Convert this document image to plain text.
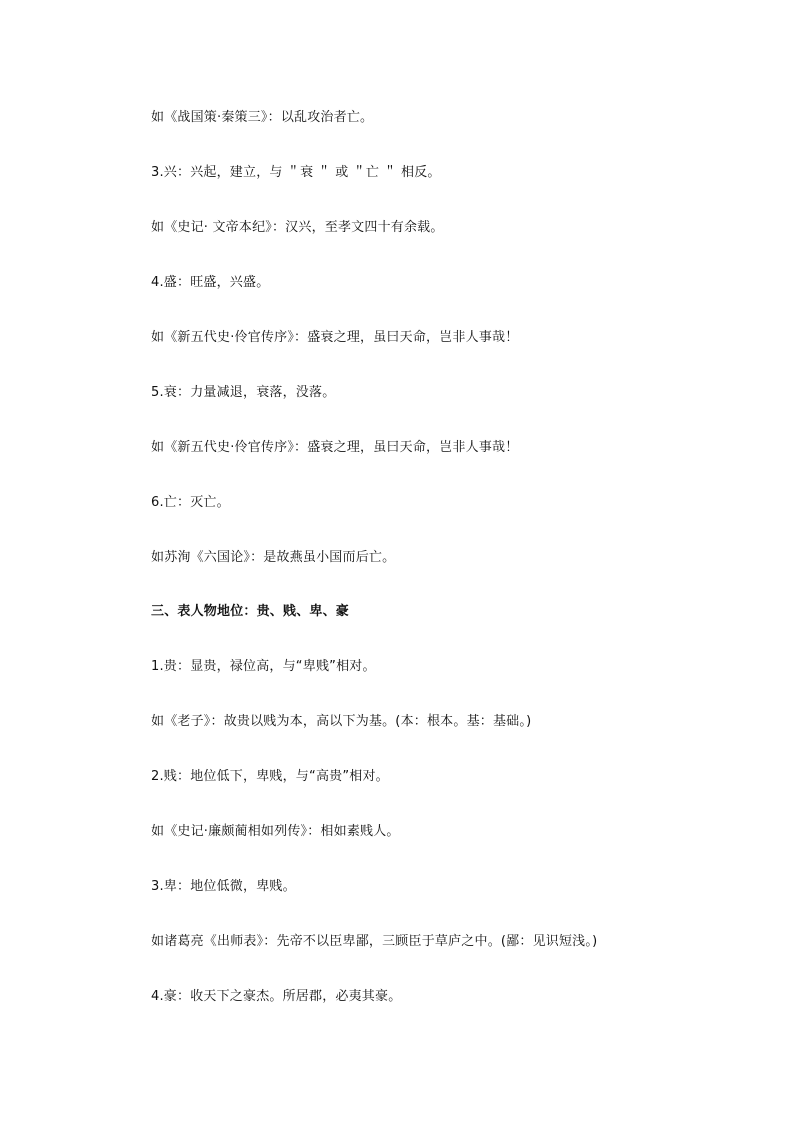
如《战国策·秦策三》：以乱攻治者亡。
3.兴：兴起，建立，与 ＂衰 ＂ 或 ＂亡 ＂ 相反。
如《史记· 文帝本纪》：汉兴，至孝文四十有余载。
4.盛：旺盛，兴盛。
如《新五代史·伶官传序》：盛衰之理，虽曰天命，岂非人事哉！
5.衰：力量减退，衰落，没落。
如《新五代史·伶官传序》：盛衰之理，虽曰天命，岂非人事哉！
6.亡：灭亡。
如苏洵《六国论》：是故燕虽小国而后亡。
三、表人物地位：贵、贱、卑、豪
1.贵：显贵，禄位高，与“卑贱”相对。
如《老子》：故贵以贱为本，高以下为基。(本：根本。基：基础。)
2.贱：地位低下，卑贱，与“高贵”相对。
如《史记·廉颇蔺相如列传》：相如素贱人。
3.卑：地位低微，卑贱。
如诸葛亮《出师表》：先帝不以臣卑鄙，三顾臣于草庐之中。(鄙：见识短浅。)
4.豪：收天下之豪杰。所居郡，必夷其豪。
